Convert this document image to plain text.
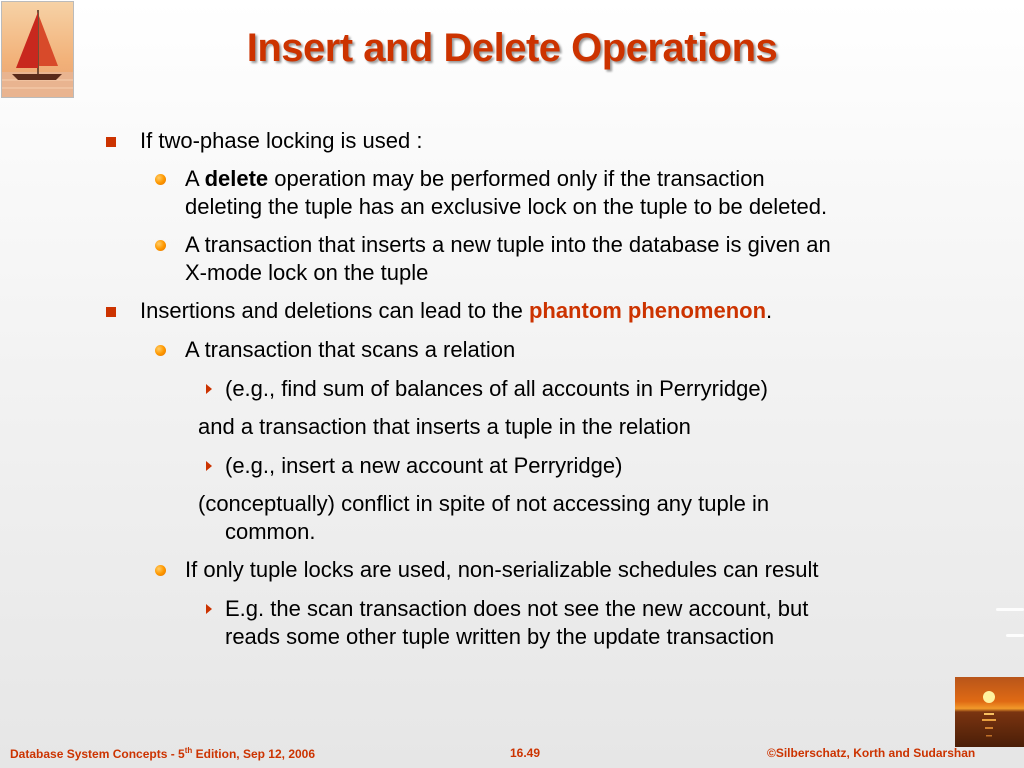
Insert and Delete Operations
If two-phase locking is used :
A delete operation may be performed only if the transaction
deleting the tuple has an exclusive lock on the tuple to be deleted.
A transaction that inserts a new tuple into the database is given an
X-mode lock on the tuple
Insertions and deletions can lead to the phantom phenomenon.
A transaction that scans a relation
(e.g., find sum of balances of all accounts in Perryridge)
and a transaction that inserts a tuple in the relation
(e.g., insert a new account at Perryridge)
(conceptually) conflict in spite of not accessing any tuple in
common.
If only tuple locks are used, non-serializable schedules can result
E.g. the scan transaction does not see the new account, but
reads some other tuple written by the update transaction
Database System Concepts - 5th Edition, Sep 12, 2006	16.49	©Silberschatz, Korth and Sudarshan
